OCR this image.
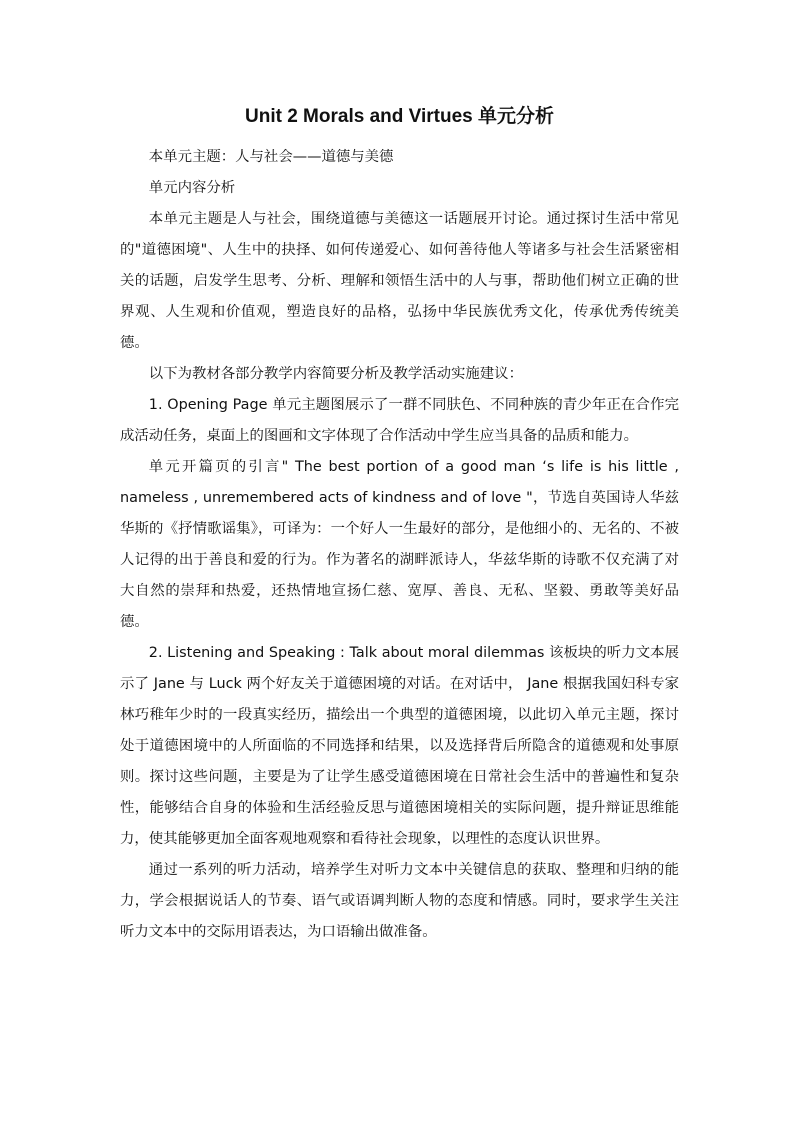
Unit 2 Morals and Virtues 单元分析

本单元主题：人与社会——道德与美德

单元内容分析

本单元主题是人与社会，围绕道德与美德这一话题展开讨论。通过探讨生活中常见的"道德困境"、人生中的抉择、如何传递爱心、如何善待他人等诸多与社会生活紧密相关的话题，启发学生思考、分析、理解和领悟生活中的人与事，帮助他们树立正确的世界观、人生观和价值观，塑造良好的品格，弘扬中华民族优秀文化，传承优秀传统美德。

以下为教材各部分教学内容简要分析及教学活动实施建议：

1. Opening Page 单元主题图展示了一群不同肤色、不同种族的青少年正在合作完成活动任务，桌面上的图画和文字体现了合作活动中学生应当具备的品质和能力。

单元开篇页的引言" The best portion of a good man ‘s life is his little , nameless , unremembered acts of kindness and of love "，节选自英国诗人华兹华斯的《抒情歌谣集》，可译为：一个好人一生最好的部分，是他细小的、无名的、不被人记得的出于善良和爱的行为。作为著名的湖畔派诗人，华兹华斯的诗歌不仅充满了对大自然的崇拜和热爱，还热情地宣扬仁慈、宽厚、善良、无私、坚毅、勇敢等美好品德。

2. Listening and Speaking : Talk about moral dilemmas 该板块的听力文本展示了 Jane 与 Luck 两个好友关于道德困境的对话。在对话中， Jane 根据我国妇科专家林巧稚年少时的一段真实经历，描绘出一个典型的道德困境，以此切入单元主题，探讨处于道德困境中的人所面临的不同选择和结果，以及选择背后所隐含的道德观和处事原则。探讨这些问题，主要是为了让学生感受道德困境在日常社会生活中的普遍性和复杂性，能够结合自身的体验和生活经验反思与道德困境相关的实际问题，提升辩证思维能力，使其能够更加全面客观地观察和看待社会现象，以理性的态度认识世界。

通过一系列的听力活动，培养学生对听力文本中关键信息的获取、整理和归纳的能力，学会根据说话人的节奏、语气或语调判断人物的态度和情感。同时，要求学生关注听力文本中的交际用语表达，为口语输出做准备。
